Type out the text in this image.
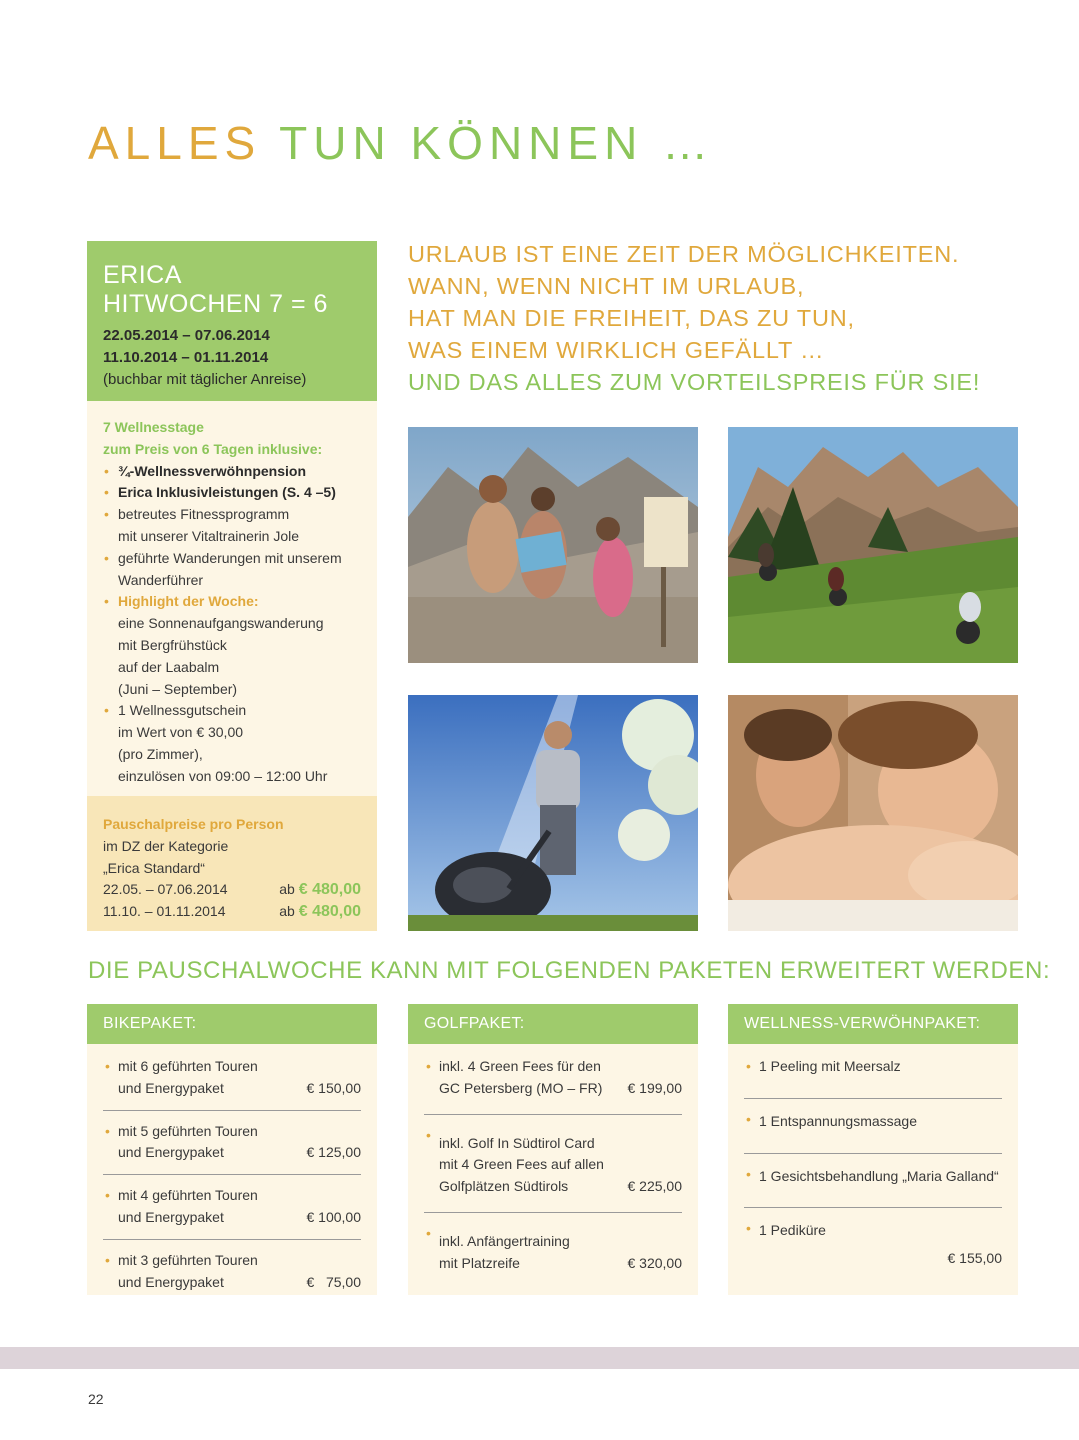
ALLES TUN KÖNNEN …
ERICA
HITWOCHEN 7 = 6
22.05.2014 – 07.06.2014
11.10.2014 – 01.11.2014
(buchbar mit täglicher Anreise)
7 Wellnesstage
zum Preis von 6 Tagen inklusive:
• ¾-Wellnessverwöhnpension
• Erica Inklusivleistungen (S. 4 –5)
• betreutes Fitnessprogramm
mit unserer Vitaltrainerin Jole
• geführte Wanderungen mit unserem
Wanderführer
• Highlight der Woche:
eine Sonnenaufgangswanderung
mit Bergfrühstück
auf der Laabalm
(Juni – September)
• 1 Wellnessgutschein
im Wert von € 30,00
(pro Zimmer),
einzulösen von 09:00 – 12:00 Uhr
Pauschalpreise pro Person
im DZ der Kategorie
„Erica Standard“
22.05. – 07.06.2014	ab € 480,00
11.10. – 01.11.2014	ab € 480,00
URLAUB IST EINE ZEIT DER MÖGLICHKEITEN.
WANN, WENN NICHT IM URLAUB,
HAT MAN DIE FREIHEIT, DAS ZU TUN,
WAS EINEM WIRKLICH GEFÄLLT …
UND DAS ALLES ZUM VORTEILSPREIS FÜR SIE!
DIE PAUSCHALWOCHE KANN MIT FOLGENDEN PAKETEN ERWEITERT WERDEN:
BIKEPAKET:
• mit 6 geführten Touren
und Energypaket	€ 150,00
• mit 5 geführten Touren
und Energypaket	€ 125,00
• mit 4 geführten Touren
und Energypaket	€ 100,00
• mit 3 geführten Touren
und Energypaket	€   75,00
GOLFPAKET:
• inkl. 4 Green Fees für den
GC Petersberg (MO – FR) € 199,00
• inkl. Golf In Südtirol Card
mit 4 Green Fees auf allen
Golfplätzen Südtirols	€ 225,00
• inkl. Anfängertraining
mit Platzreife	€ 320,00
WELLNESS-VERWÖHNPAKET:
• 1 Peeling mit Meersalz
• 1 Entspannungsmassage
• 1 Gesichtsbehandlung „Maria Galland“
• 1 Pediküre
€ 155,00
22
